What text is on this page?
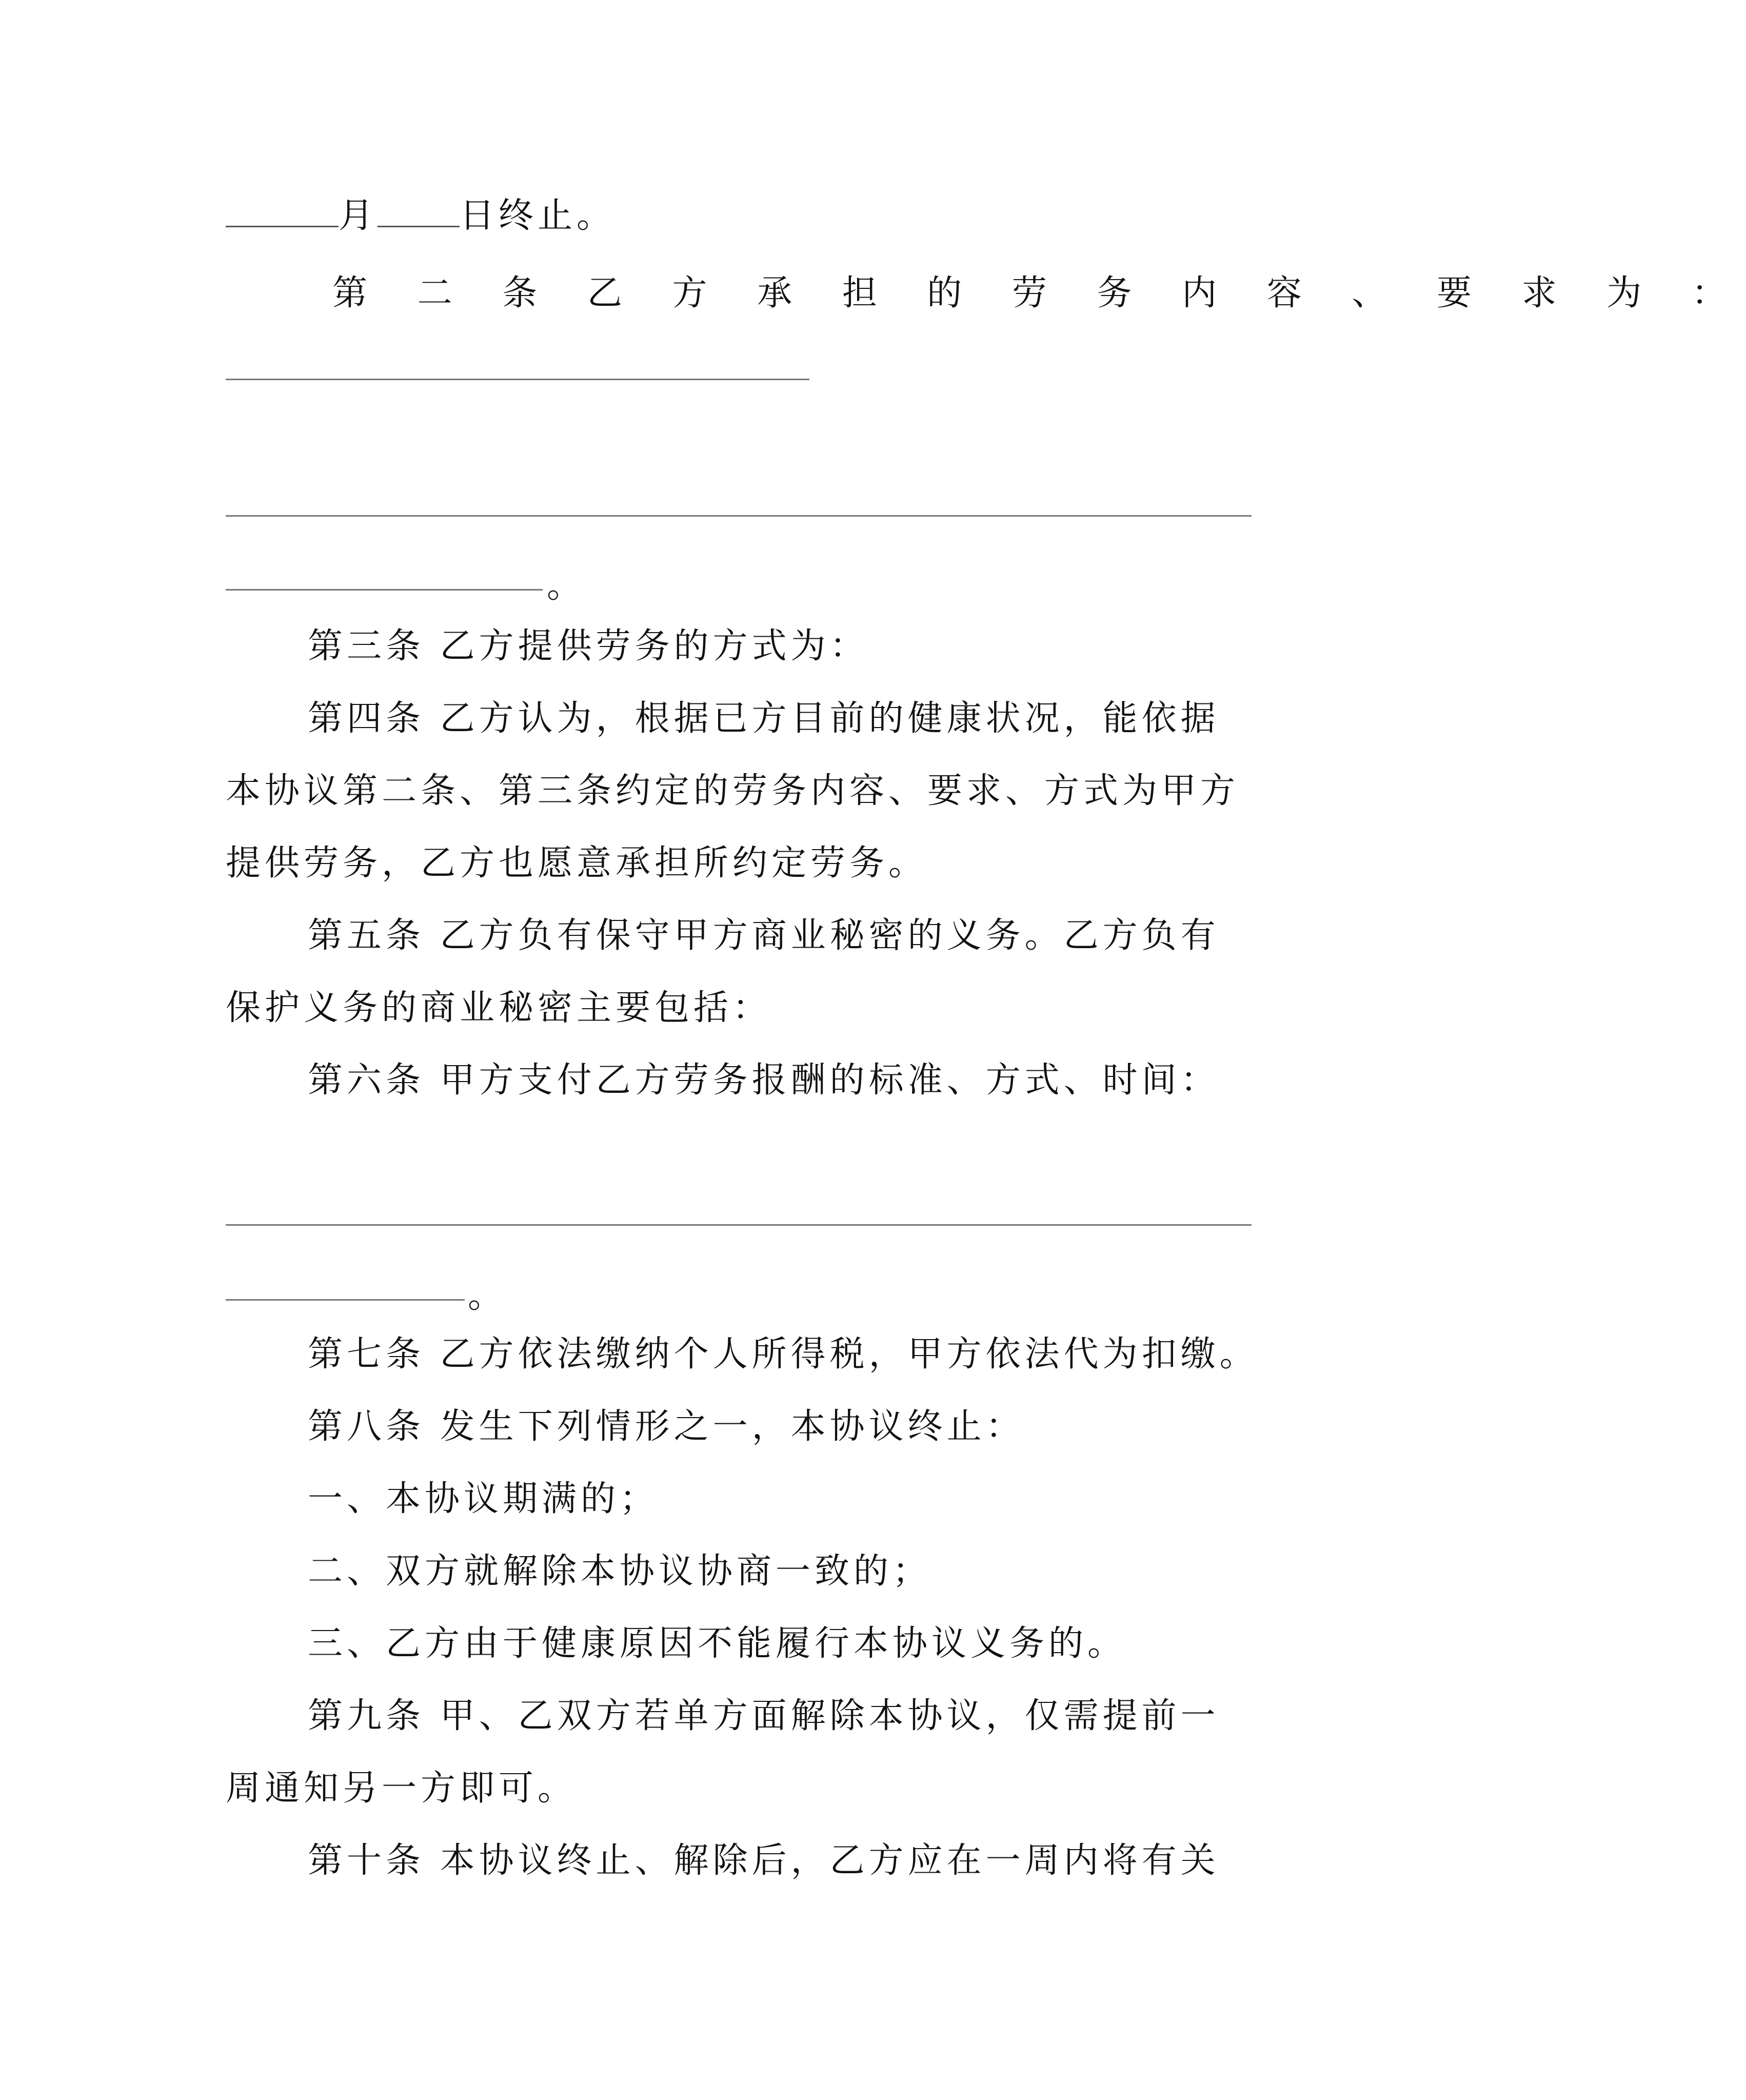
月 日终止。
第 二 条 乙 方 承 担 的 劳 务 内 容 、 要 求 为 ：
。
第三条 乙方提供劳务的方式为：
第四条 乙方认为，根据已方目前的健康状况，能依据
本协议第二条、第三条约定的劳务内容、要求、方式为甲方
提供劳务，乙方也愿意承担所约定劳务。
第五条 乙方负有保守甲方商业秘密的义务。乙方负有
保护义务的商业秘密主要包括：
第六条 甲方支付乙方劳务报酬的标准、方式、时间：
。
第七条 乙方依法缴纳个人所得税，甲方依法代为扣缴。
第八条 发生下列情形之一，本协议终止：
一、本协议期满的；
二、双方就解除本协议协商一致的；
三、乙方由于健康原因不能履行本协议义务的。
第九条 甲、乙双方若单方面解除本协议，仅需提前一
周通知另一方即可。
第十条 本协议终止、解除后，乙方应在一周内将有关
